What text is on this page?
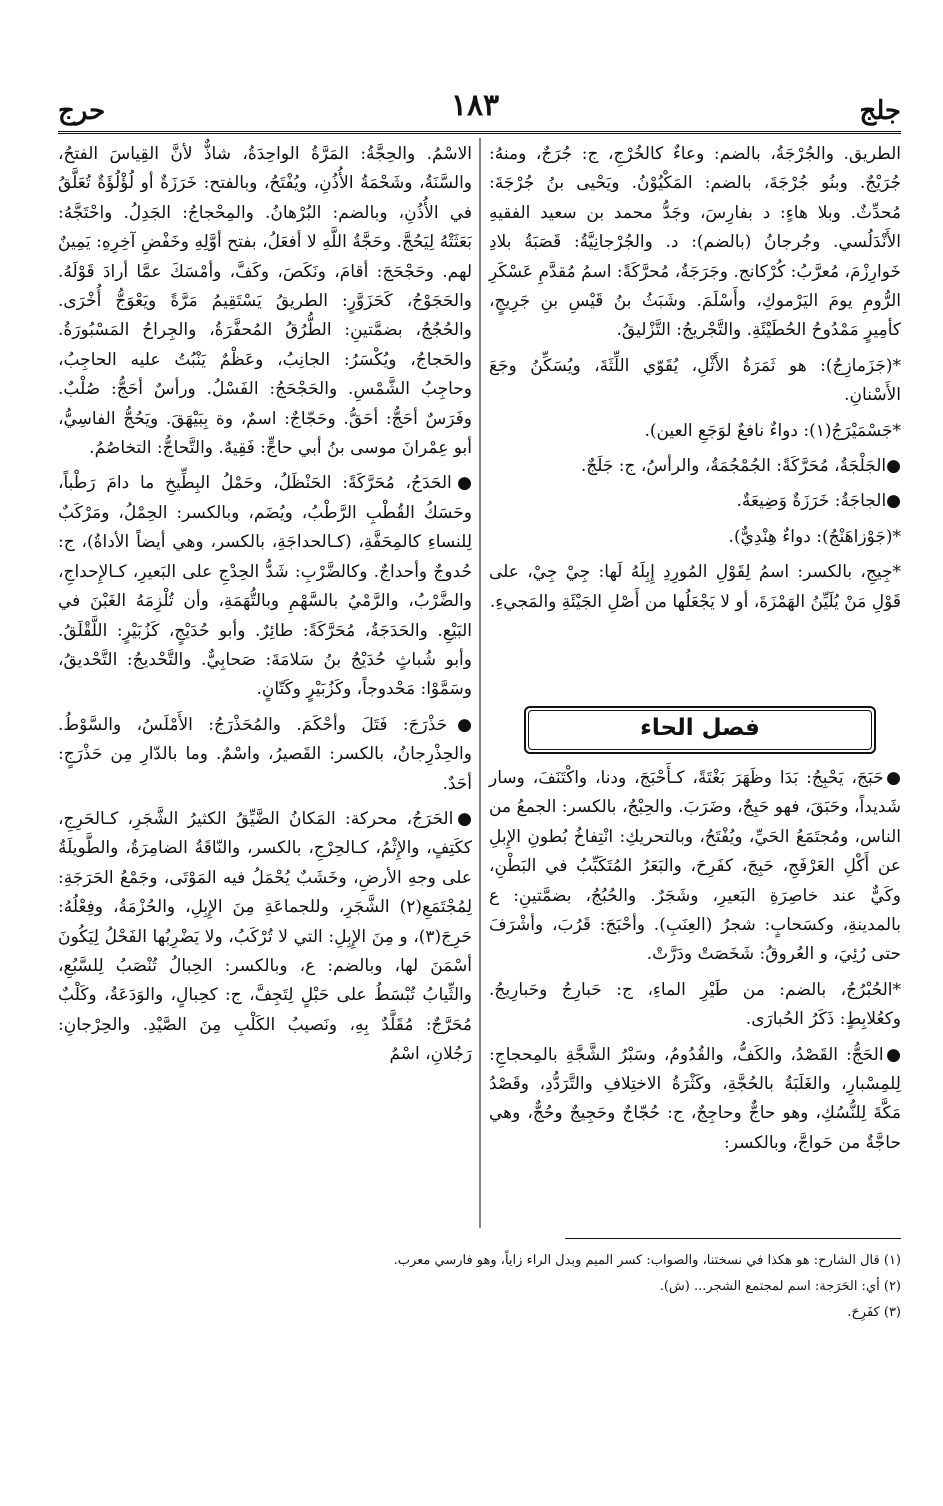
جلج
١٨٣
حرج

الطريق. والجُرْجَةُ، بالضم: وعاءٌ كالخُرْجِ، ج: جُرَجٌ، ومنهُ: جُرَيْجٌ. وبنُو جُرْجَةَ، بالضم: المَكْيُوْنُ. ويَحْيى بنُ جُرْجَةَ: مُحدِّثٌ. وبلا هاءٍ: د بفارِسَ، وجَدُّ محمد بن سعيد الفقيهِ الأَنْدَلُسي. وجُرجانُ (بالضم): د. والجُرْجانِيَّةُ: قَصَبَةُ بلادِ خَوارِزْمَ، مُعرَّبُ: كُرْكانج. وجَرَجَةُ، مُحرَّكَةً: اسمُ مُقدَّمِ عَسْكَرِ الرُّومِ يومَ اليَرْموكِ، وأَسْلَمَ. وشَبَثُ بنُ قَيْسِ بنِ جَرِيجٍ، كأمِيرٍ مَمْدُوحُ الحُطَيْئَةِ. والتَّجْريجُ: التَّزْليقُ.

*(جَزَمازِجُ): هو ثَمَرَةُ الأَثْلِ، يُقَوّي اللِّثَةَ، ويُسَكِّنُ وجَعَ الأَسْنانِ.

*جَسْمَيْرَجُ(١): دواءٌ نافعٌ لوَجَعِ العين).

●الجَلْجَةُ، مُحَرَّكَةً: الجُمْجُمَةُ، والرأسُ، ج: جَلَجٌ.

●الجاجَةُ: خَرَزَةٌ وَضِيعَةٌ.

*(جَوْزاهَنْجُ): دواءٌ هِنْدِيٌّ).

*جِيجِ، بالكسر: اسمُ لِقَوْلِ المُورِدِ إِبِلَهُ لَها: جِيْ جِيْ، على قَوْلِ مَنْ يُلَيِّنُ الهَمْزَةَ، أو لا يَجْعَلُها من أَصْلِ الجَيْئَةِ والمَجيءِ.

فصل الحاء

●حَبَجَ، يَحْبِجُ: بَدَا وظَهَرَ بَغْتَةً، كـأَحْبَجَ، ودنا، واكْتَنَفَ، وسار شَديداً، وحَبَقَ، فهو حَبِجٌ، وضَرَبَ. والحِبْجُ، بالكسر: الجمعُ من الناس، ومُجتَمَعُ الحَيِّ، ويُفْتَحُ، وبالتحريكِ: انْتِفاخُ بُطونِ الإِبلِ عن أَكْلِ العَرْفَجِ، حَبِجَ، كفَرِحَ، والبَعَرُ المُتَكَبِّبُ في البَطْنِ، وكَيٌّ عند خاصِرَةِ البَعيرِ، وشَجَرٌ. والحُبُجُ، بضمَّتينِ: ع بالمدينةِ، وكسَحابٍ: شجرُ (العِنَبِ). وأحْبَجَ: قَرُبَ، وأشْرَفَ حتى رُئِيَ، و العُروقُ: شَخَصَتْ ودَرَّتْ.

*الحُبْرُجُ، بالضم: من طَيْرِ الماءِ، ج: حَبارِجُ وحَبارِيجُ. وكعُلابِطٍ: ذَكَرُ الحُبارَى.

●الحَجُّ: القَصْدُ، والكَفُّ، والقُدُومُ، وسَبْرُ الشَّجَّةِ بالمِحجاجِ: لِلمِسْبارِ، والغَلَبَةُ بالحُجَّةِ، وكَثْرَةُ الاختِلافِ والتَّرَدُّدِ، وقَصْدُ مَكَّةَ لِلنُّسُكِ، وهو حاجٌّ وحاجِجٌ، ج: حُجّاجٌ وحَجِيجٌ وحُجٌّ، وهي حاجَّةٌ من حَواجَّ، وبالكسر:

الاسْمُ. والحِجَّةُ: المَرَّةُ الواحِدَةُ، شاذٌّ لأنَّ القِياسَ الفتحُ، والسَّنَةُ، وشَحْمَةُ الأُذُنِ، ويُفْتَحُ، وبالفتح: خَرَزَةٌ أو لُؤْلُؤَةٌ تُعَلَّقُ في الأُذُنِ، وبالضم: البُرْهانُ. والمِحْجاجُ: الجَدِلُ. واحْتَجَّهُ: بَعَثَتْهُ لِيَحُجَّ. وحَجَّةُ اللَّهِ لا أفعَلُ، بفتح أوَّلِهِ وخَفْضِ آخِرِهِ: يَمِينٌ لهم. وحَجْحَجَ: أقامَ، ونَكَصَ، وكَفَّ، وأمْسَكَ عمَّا أرادَ قَوْلَهُ. والحَجَوْجُ، كَحَزَوَّرٍ: الطريقُ يَسْتَقِيمُ مَرَّةً ويَعْوَجُّ أُخْرَى. والحُجُجُ، بضمَّتينِ: الطُّرُقُ المُحفَّرَةُ، والجِراحُ المَسْبُورَةُ. والحَجاجُ، ويُكْسَرُ: الجانِبُ، وعَظْمٌ يَنْبُتُ عليه الحاجِبُ، وحاجِبُ الشَّمْسِ. والحَجْحَجُ: الفَسْلُ. ورأسٌ أحَجُّ: صُلْبٌ. وفَرَسٌ أحَجُّ: أحَقُّ. وحَجّاجٌ: اسمٌ، وة بِبَيْهَقَ. ويَحُجُّ الفاسِيُّ، أبو عِمْرانَ موسى بنُ أبي حاجٍّ: فَقِيهٌ. والتَّحاجُّ: التخاصُمُ.

●الحَدَجُ، مُحَرَّكَةً: الحَنْظَلُ، وحَمْلُ البِطِّيخِ ما دامَ رَطْباً، وحَسَكُ القُطْبِ الرَّطْبُ، ويُضَم، وبالكسر: الحِمْلُ، ومَرْكَبٌ لِلنساءِ كالمِحَفَّةِ، (كـالحداجَةِ، بالكسر، وهي أيضاً الأداةُ)، ج: حُدوجٌ وأحداجٌ. وكالضَّرْبِ: شَدُّ الحِدْجِ على البَعيرِ، كـالإِحداجِ، والضَّرْبُ، والرَّمْيُ بالسَّهْمِ وبالتُّهَمَةِ، وأن تُلْزِمَهُ الغَبْنَ في البَيْعِ. والحَدَجَةُ، مُحَرَّكَةً: طائِرٌ. وأبو حُدَيْجٍ، كَزُبَيْرٍ: اللَّقْلَقُ. وأبو شُباثٍ حُدَيْجُ بنُ سَلامَةَ: صَحابِيٌّ. والتَّحْديجُ: التَّحْديقُ، وسَمَّوْا: مَحْدوجاً، وكَزُبَيْرٍ وكَتّانٍ.

●حَذْرَجَ: فَتَلَ وأحْكَمَ. والمُحَذْرَجُ: الأَمْلَسُ، والسَّوْطُ. والحِذْرِجانُ، بالكسر: القَصيرُ، واسْمٌ. وما بالدّارِ مِن حَذْرَجٍ: أحَدٌ.

●الحَرَجُ، محركة: المَكانُ الضَّيِّقُ الكثيرُ الشَّجَرِ، كـالحَرِجِ، ككَتِفٍ، والإِثْمُ، كـالحِرْجِ، بالكسر، والنّاقَةُ الضامِرَةُ، والطَّويلَةُ على وجهِ الأرضِ، وخَشَبٌ يُحْمَلُ فيه المَوْتَى، وجَمْعُ الحَرَجَةِ: لِمُجْتَمَعِ(٢) الشَّجَرِ، وللجماعَةِ مِنَ الإِبِلِ، والحُزْمَةُ، وفِعْلُهُ: حَرِجَ(٣)، و مِنَ الإِبِلِ: التي لا تُرْكَبُ، ولا يَضْرِبُها الفَحْلُ لِيَكُونَ أسْمَنَ لها، وبالضم: ع، وبالكسر: الحِبالُ تُنْصَبُ لِلسَّبُعِ، والثِّيابُ تُبْسَطُ على حَبْلٍ لِتَجِفَّ، ج: كحِبالٍ، والوَدَعَةُ، وكَلْبٌ مُحَرَّجٌ: مُقَلَّدٌ بِهِ، ونَصيبُ الكَلْبِ مِنَ الصَّيْدِ. والحِرْجانِ: رَجُلانِ، اسْمُ

(١) قال الشارح: هو هكذا في نسختنا، والصواب: كسر الميم وبدل الراء زاياً، وهو فارسي معرب.
(٢) أي: الحَرَجة: اسم لمجتمع الشجر... (ش).
(٣) كفَرِحَ.
